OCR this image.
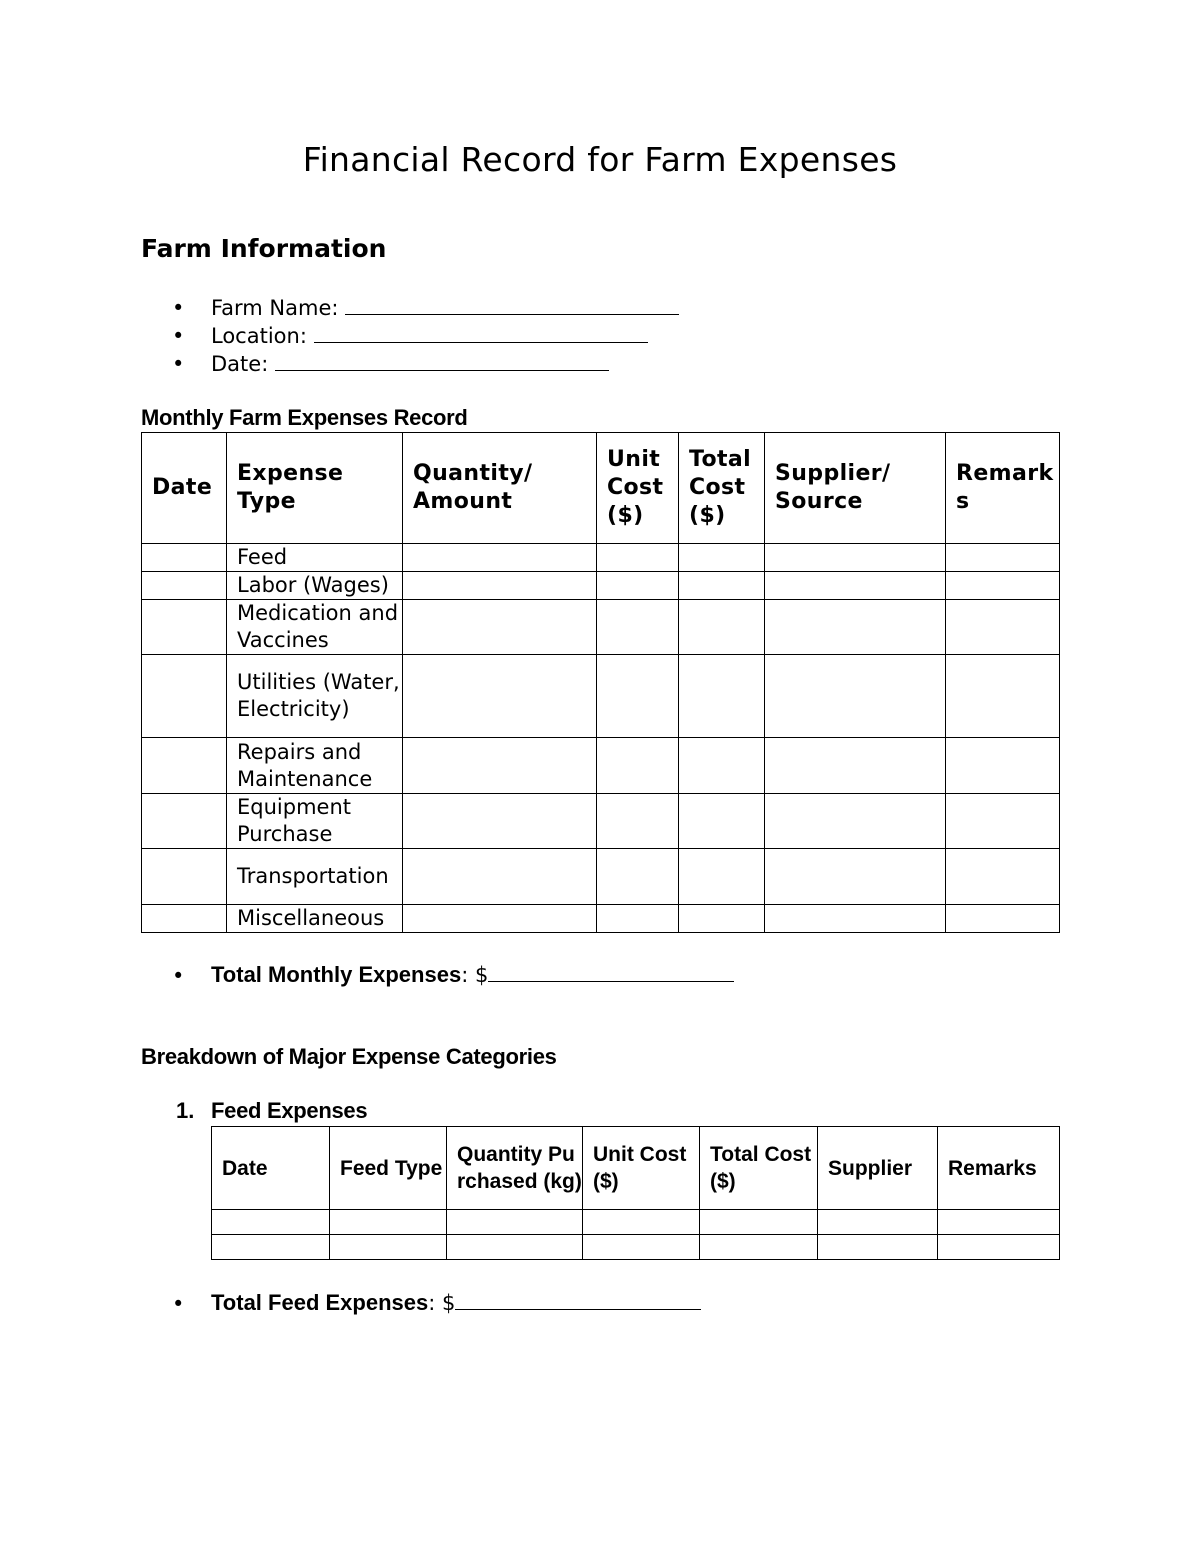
Financial Record for Farm Expenses
Farm Information
• Farm Name:
• Location:
• Date:
Monthly Farm Expenses Record
Date	Expense Type	Quantity/ Amount	Unit Cost ($)	Total Cost ($)	Supplier/ Source	Remarks
	Feed					
	Labor (Wages)					
	Medication and Vaccines					
	Utilities (Water, Electricity)					
	Repairs and Maintenance					
	Equipment Purchase					
	Transportation					
	Miscellaneous					
• Total Monthly Expenses: $
Breakdown of Major Expense Categories
1. Feed Expenses
Date	Feed Type	Quantity Purchased (kg)	Unit Cost ($)	Total Cost ($)	Supplier	Remarks

• Total Feed Expenses: $
